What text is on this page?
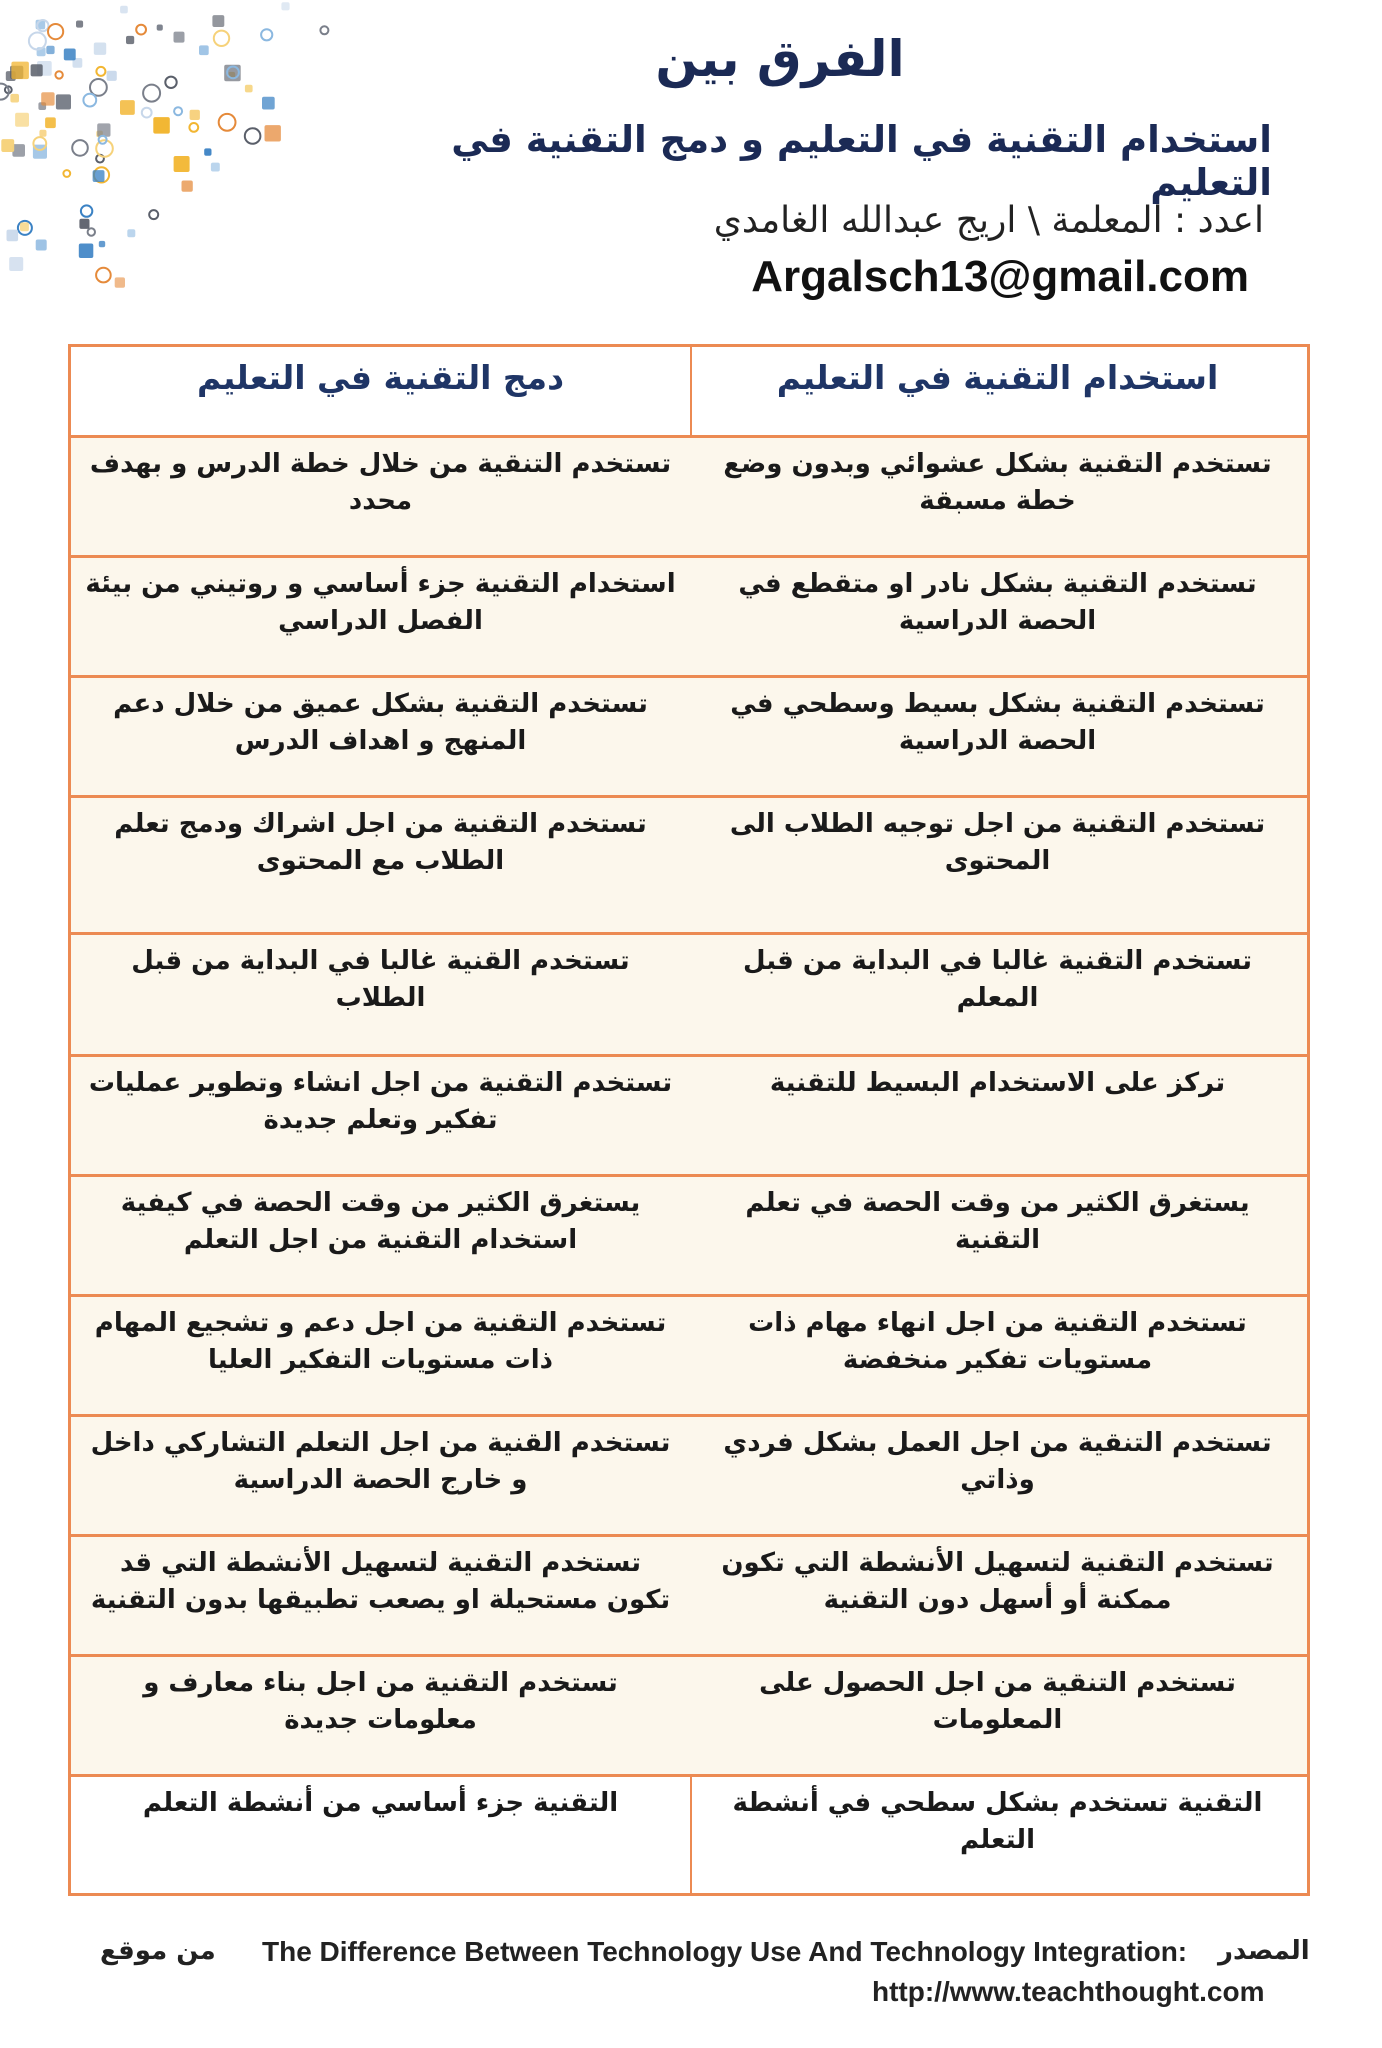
الفرق بين
استخدام التقنية في التعليم و دمج التقنية في التعليم
اعدد : المعلمة \ اريج عبدالله الغامدي
Argalsch13@gmail.com
استخدام التقنية في التعليم
دمج التقنية في التعليم
تستخدم التقنية بشكل عشوائي وبدون وضع خطة مسبقة
تستخدم التنقية من خلال خطة الدرس و بهدف محدد
تستخدم التقنية بشكل نادر او متقطع في الحصة الدراسية
استخدام التقنية جزء أساسي و روتيني من بيئة الفصل الدراسي
تستخدم التقنية بشكل بسيط وسطحي في الحصة الدراسية
تستخدم التقنية بشكل عميق من خلال دعم المنهج و اهداف الدرس
تستخدم التقنية من اجل توجيه الطلاب الى المحتوى
تستخدم التقنية من اجل اشراك ودمج تعلم الطلاب مع المحتوى
تستخدم التقنية غالبا في البداية من قبل المعلم
تستخدم القنية غالبا في البداية من قبل الطلاب
تركز على الاستخدام البسيط للتقنية
تستخدم التقنية من اجل انشاء وتطوير عمليات تفكير وتعلم جديدة
يستغرق الكثير من وقت الحصة في تعلم التقنية
يستغرق الكثير من وقت الحصة في كيفية استخدام التقنية من اجل التعلم
تستخدم التقنية من اجل انهاء مهام ذات مستويات تفكير منخفضة
تستخدم التقنية من اجل دعم و تشجيع المهام ذات مستويات التفكير العليا
تستخدم التنقية من اجل العمل بشكل فردي وذاتي
تستخدم القنية من اجل التعلم التشاركي داخل و خارج الحصة الدراسية
تستخدم التقنية لتسهيل الأنشطة التي تكون ممكنة أو أسهل دون التقنية
تستخدم التقنية لتسهيل الأنشطة التي قد تكون مستحيلة او يصعب تطبيقها بدون التقنية
تستخدم التنقية من اجل الحصول على المعلومات
تستخدم التقنية من اجل بناء معارف و معلومات جديدة
التقنية تستخدم بشكل سطحي في أنشطة التعلم
التقنية جزء أساسي من أنشطة التعلم
المصدر
The Difference Between Technology Use And Technology Integration:
من موقع
http://www.teachthought.com
